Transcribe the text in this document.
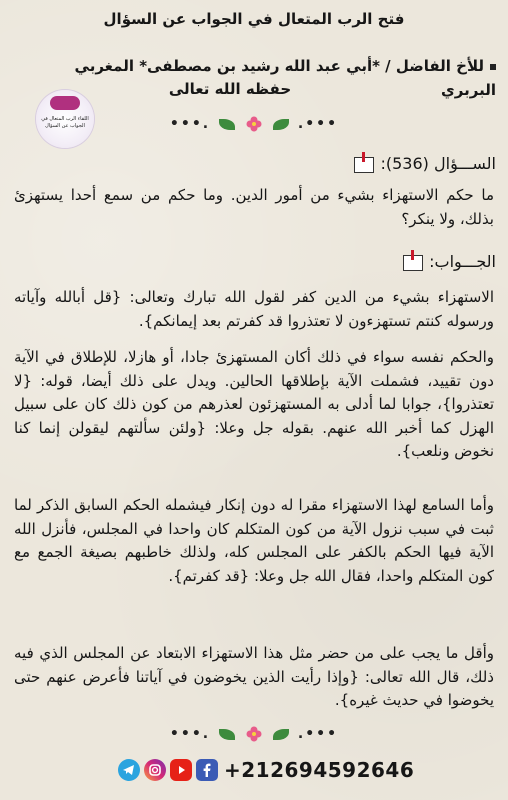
فتح الرب المتعال في الجواب عن السؤال
للأخ الفاضل / *أبي عبد الله رشيد بن مصطفى* المغربي البربري
حفظه الله تعالى
اللقاء الرب المتعال في الجواب عن السؤال	•••.	.•••
الســـؤال (536):
ما حكم الاستهزاء بشيء من أمور الدين. وما حكم من سمع أحدا يستهزئ بذلك، ولا ينكر؟
الجـــواب:
الاستهزاء بشيء من الدين كفر لقول الله تبارك وتعالى: {قل أبالله وآياته ورسوله كنتم تستهزءون لا تعتذروا قد كفرتم بعد إيمانكم}.
والحكم نفسه سواء في ذلك أكان المستهزئ جادا، أو هازلا، للإطلاق في الآية دون تقييد، فشملت الآية بإطلاقها الحالين. ويدل على ذلك أيضا، قوله: {لا تعتذروا}، جوابا لما أدلى به المستهزئون لعذرهم من كون ذلك كان على سبيل الهزل كما أخبر الله عنهم. بقوله جل وعلا: {ولئن سألتهم ليقولن إنما كنا نخوض ونلعب}.
وأما السامع لهذا الاستهزاء مقرا له دون إنكار فيشمله الحكم السابق الذكر لما ثبت في سبب نزول الآية من كون المتكلم كان واحدا في المجلس، فأنزل الله الآية فيها الحكم بالكفر على المجلس كله، ولذلك خاطبهم بصيغة الجمع مع كون المتكلم واحدا، فقال الله جل وعلا: {قد كفرتم}.
وأقل ما يجب على من حضر مثل هذا الاستهزاء الابتعاد عن المجلس الذي فيه ذلك، قال الله تعالى: {وإذا رأيت الذين يخوضون في آياتنا فأعرض عنهم حتى يخوضوا في حديث غيره}.
•••.	.•••
+212694592646
